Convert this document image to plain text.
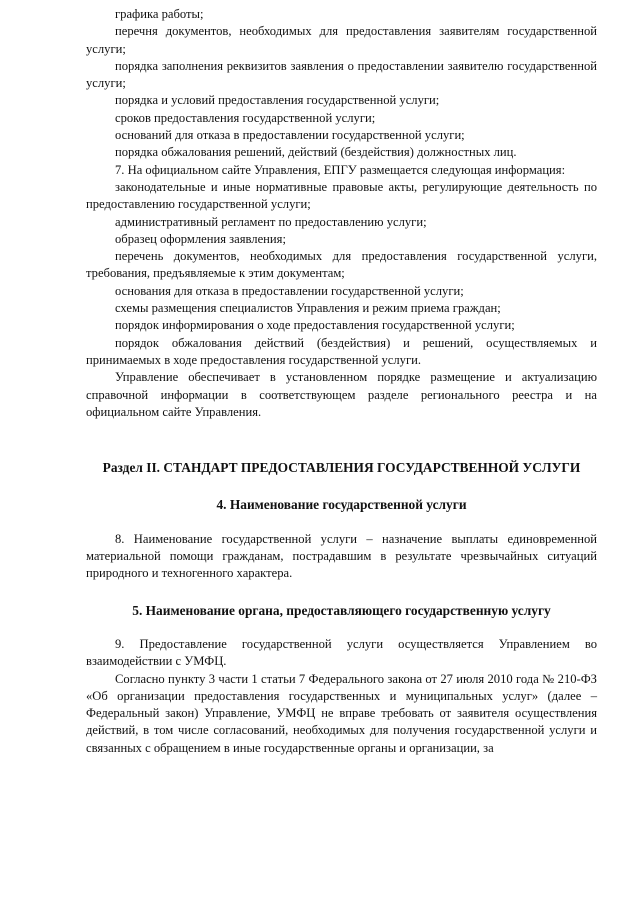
графика работы;

перечня документов, необходимых для предоставления заявителям государственной услуги;

порядка заполнения реквизитов заявления о предоставлении заявителю государственной услуги;

порядка и условий предоставления государственной услуги;

сроков предоставления государственной услуги;

оснований для отказа в предоставлении государственной услуги;

порядка обжалования решений, действий (бездействия) должностных лиц.

7. На официальном сайте Управления, ЕПГУ размещается следующая информация:

законодательные и иные нормативные правовые акты, регулирующие деятельность по предоставлению государственной услуги;

административный регламент по предоставлению услуги;

образец оформления заявления;

перечень документов, необходимых для предоставления государственной услуги, требования, предъявляемые к этим документам;

основания для отказа в предоставлении государственной услуги;

схемы размещения специалистов Управления и режим приема граждан;

порядок информирования о ходе предоставления государственной услуги;

порядок обжалования действий (бездействия) и решений, осуществляемых и принимаемых в ходе предоставления государственной услуги.

Управление обеспечивает в установленном порядке размещение и актуализацию справочной информации в соответствующем разделе регионального реестра и на официальном сайте Управления.

Раздел II. СТАНДАРТ ПРЕДОСТАВЛЕНИЯ ГОСУДАРСТВЕННОЙ УСЛУГИ
4. Наименование государственной услуги

8. Наименование государственной услуги – назначение выплаты единовременной материальной помощи гражданам, пострадавшим в результате чрезвычайных ситуаций природного и техногенного характера.

5. Наименование органа, предоставляющего государственную услугу

9. Предоставление государственной услуги осуществляется Управлением во взаимодействии с УМФЦ.

Согласно пункту 3 части 1 статьи 7 Федерального закона от 27 июля 2010 года № 210-ФЗ «Об организации предоставления государственных и муниципальных услуг» (далее – Федеральный закон) Управление, УМФЦ не вправе требовать от заявителя осуществления действий, в том числе согласований, необходимых для получения государственной услуги и связанных с обращением в иные государственные органы и организации, за
